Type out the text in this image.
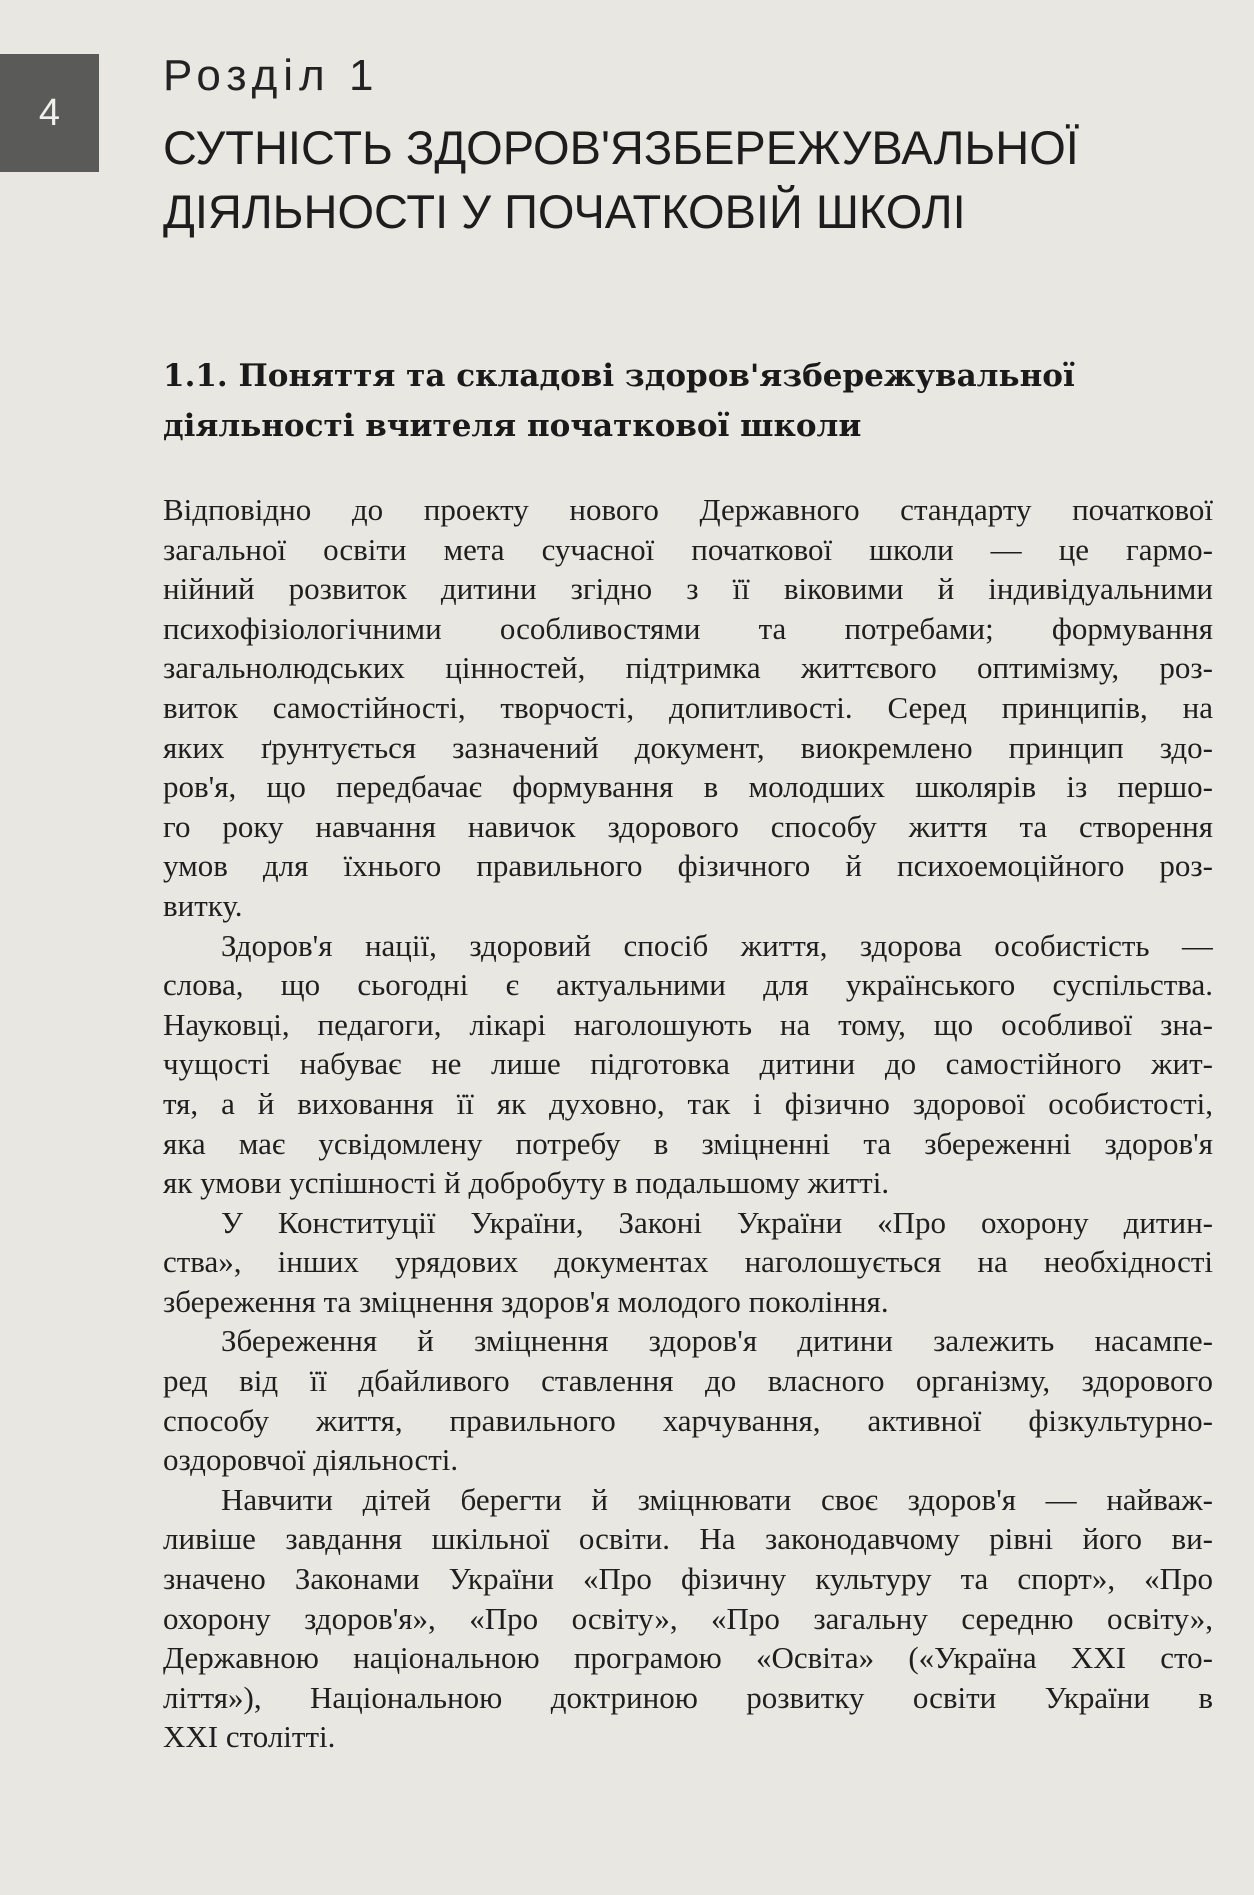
4

Розділ 1

СУТНІСТЬ ЗДОРОВ'ЯЗБЕРЕЖУВАЛЬНОЇ
ДІЯЛЬНОСТІ У ПОЧАТКОВІЙ ШКОЛІ
1.1. Поняття та складові здоров'язбережувальної
діяльності вчителя початкової школи
Відповідно до проекту нового Державного стандарту початкової
загальної освіти мета сучасної початкової школи — це гармо-
нійний розвиток дитини згідно з її віковими й індивідуальними
психофізіологічними особливостями та потребами; формування
загальнолюдських цінностей, підтримка життєвого оптимізму, роз-
виток самостійності, творчості, допитливості. Серед принципів, на
яких ґрунтується зазначений документ, виокремлено принцип здо-
ров'я, що передбачає формування в молодших школярів із першо-
го року навчання навичок здорового способу життя та створення
умов для їхнього правильного фізичного й психоемоційного роз-
витку.
Здоров'я нації, здоровий спосіб життя, здорова особистість —
слова, що сьогодні є актуальними для українського суспільства.
Науковці, педагоги, лікарі наголошують на тому, що особливої зна-
чущості набуває не лише підготовка дитини до самостійного жит-
тя, а й виховання її як духовно, так і фізично здорової особистості,
яка має усвідомлену потребу в зміцненні та збереженні здоров'я
як умови успішності й добробуту в подальшому житті.
У Конституції України, Законі України «Про охорону дитин-
ства», інших урядових документах наголошується на необхідності
збереження та зміцнення здоров'я молодого покоління.
Збереження й зміцнення здоров'я дитини залежить насампе-
ред від її дбайливого ставлення до власного організму, здорового
способу життя, правильного харчування, активної фізкультурно-
оздоровчої діяльності.
Навчити дітей берегти й зміцнювати своє здоров'я — найваж-
ливіше завдання шкільної освіти. На законодавчому рівні його ви-
значено Законами України «Про фізичну культуру та спорт», «Про
охорону здоров'я», «Про освіту», «Про загальну середню освіту»,
Державною національною програмою «Освіта» («Україна XXI сто-
ліття»), Національною доктриною розвитку освіти України в
XXI столітті.
